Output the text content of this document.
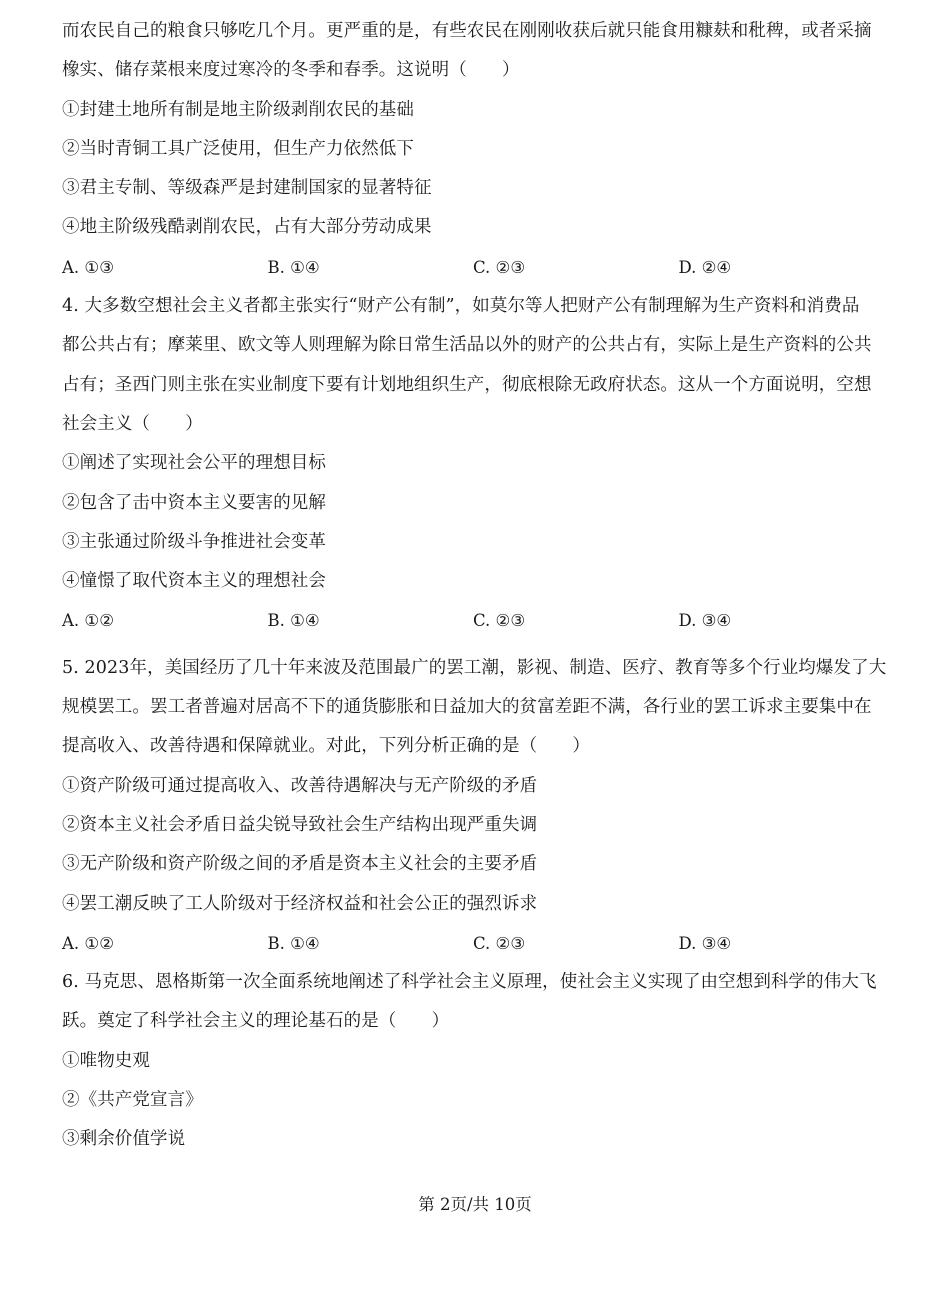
而农民自己的粮食只够吃几个月。更严重的是，有些农民在刚刚收获后就只能食用糠麸和秕稗，或者采摘
橡实、储存菜根来度过寒冷的冬季和春季。这说明（　　）
①封建土地所有制是地主阶级剥削农民的基础
②当时青铜工具广泛使用，但生产力依然低下
③君主专制、等级森严是封建制国家的显著特征
④地主阶级残酷剥削农民，占有大部分劳动成果
A. ①③	B. ①④	C. ②③	D. ②④
4. 大多数空想社会主义者都主张实行“财产公有制”，如莫尔等人把财产公有制理解为生产资料和消费品
都公共占有；摩莱里、欧文等人则理解为除日常生活品以外的财产的公共占有，实际上是生产资料的公共
占有；圣西门则主张在实业制度下要有计划地组织生产，彻底根除无政府状态。这从一个方面说明，空想
社会主义（　　）
①阐述了实现社会公平的理想目标
②包含了击中资本主义要害的见解
③主张通过阶级斗争推进社会变革
④憧憬了取代资本主义的理想社会
A. ①②	B. ①④	C. ②③	D. ③④
5. 2023年，美国经历了几十年来波及范围最广的罢工潮，影视、制造、医疗、教育等多个行业均爆发了大
规模罢工。罢工者普遍对居高不下的通货膨胀和日益加大的贫富差距不满，各行业的罢工诉求主要集中在
提高收入、改善待遇和保障就业。对此，下列分析正确的是（　　）
①资产阶级可通过提高收入、改善待遇解决与无产阶级的矛盾
②资本主义社会矛盾日益尖锐导致社会生产结构出现严重失调
③无产阶级和资产阶级之间的矛盾是资本主义社会的主要矛盾
④罢工潮反映了工人阶级对于经济权益和社会公正的强烈诉求
A. ①②	B. ①④	C. ②③	D. ③④
6. 马克思、恩格斯第一次全面系统地阐述了科学社会主义原理，使社会主义实现了由空想到科学的伟大飞
跃。奠定了科学社会主义的理论基石的是（　　）
①唯物史观
②《共产党宣言》
③剩余价值学说
第 2页/共 10页
